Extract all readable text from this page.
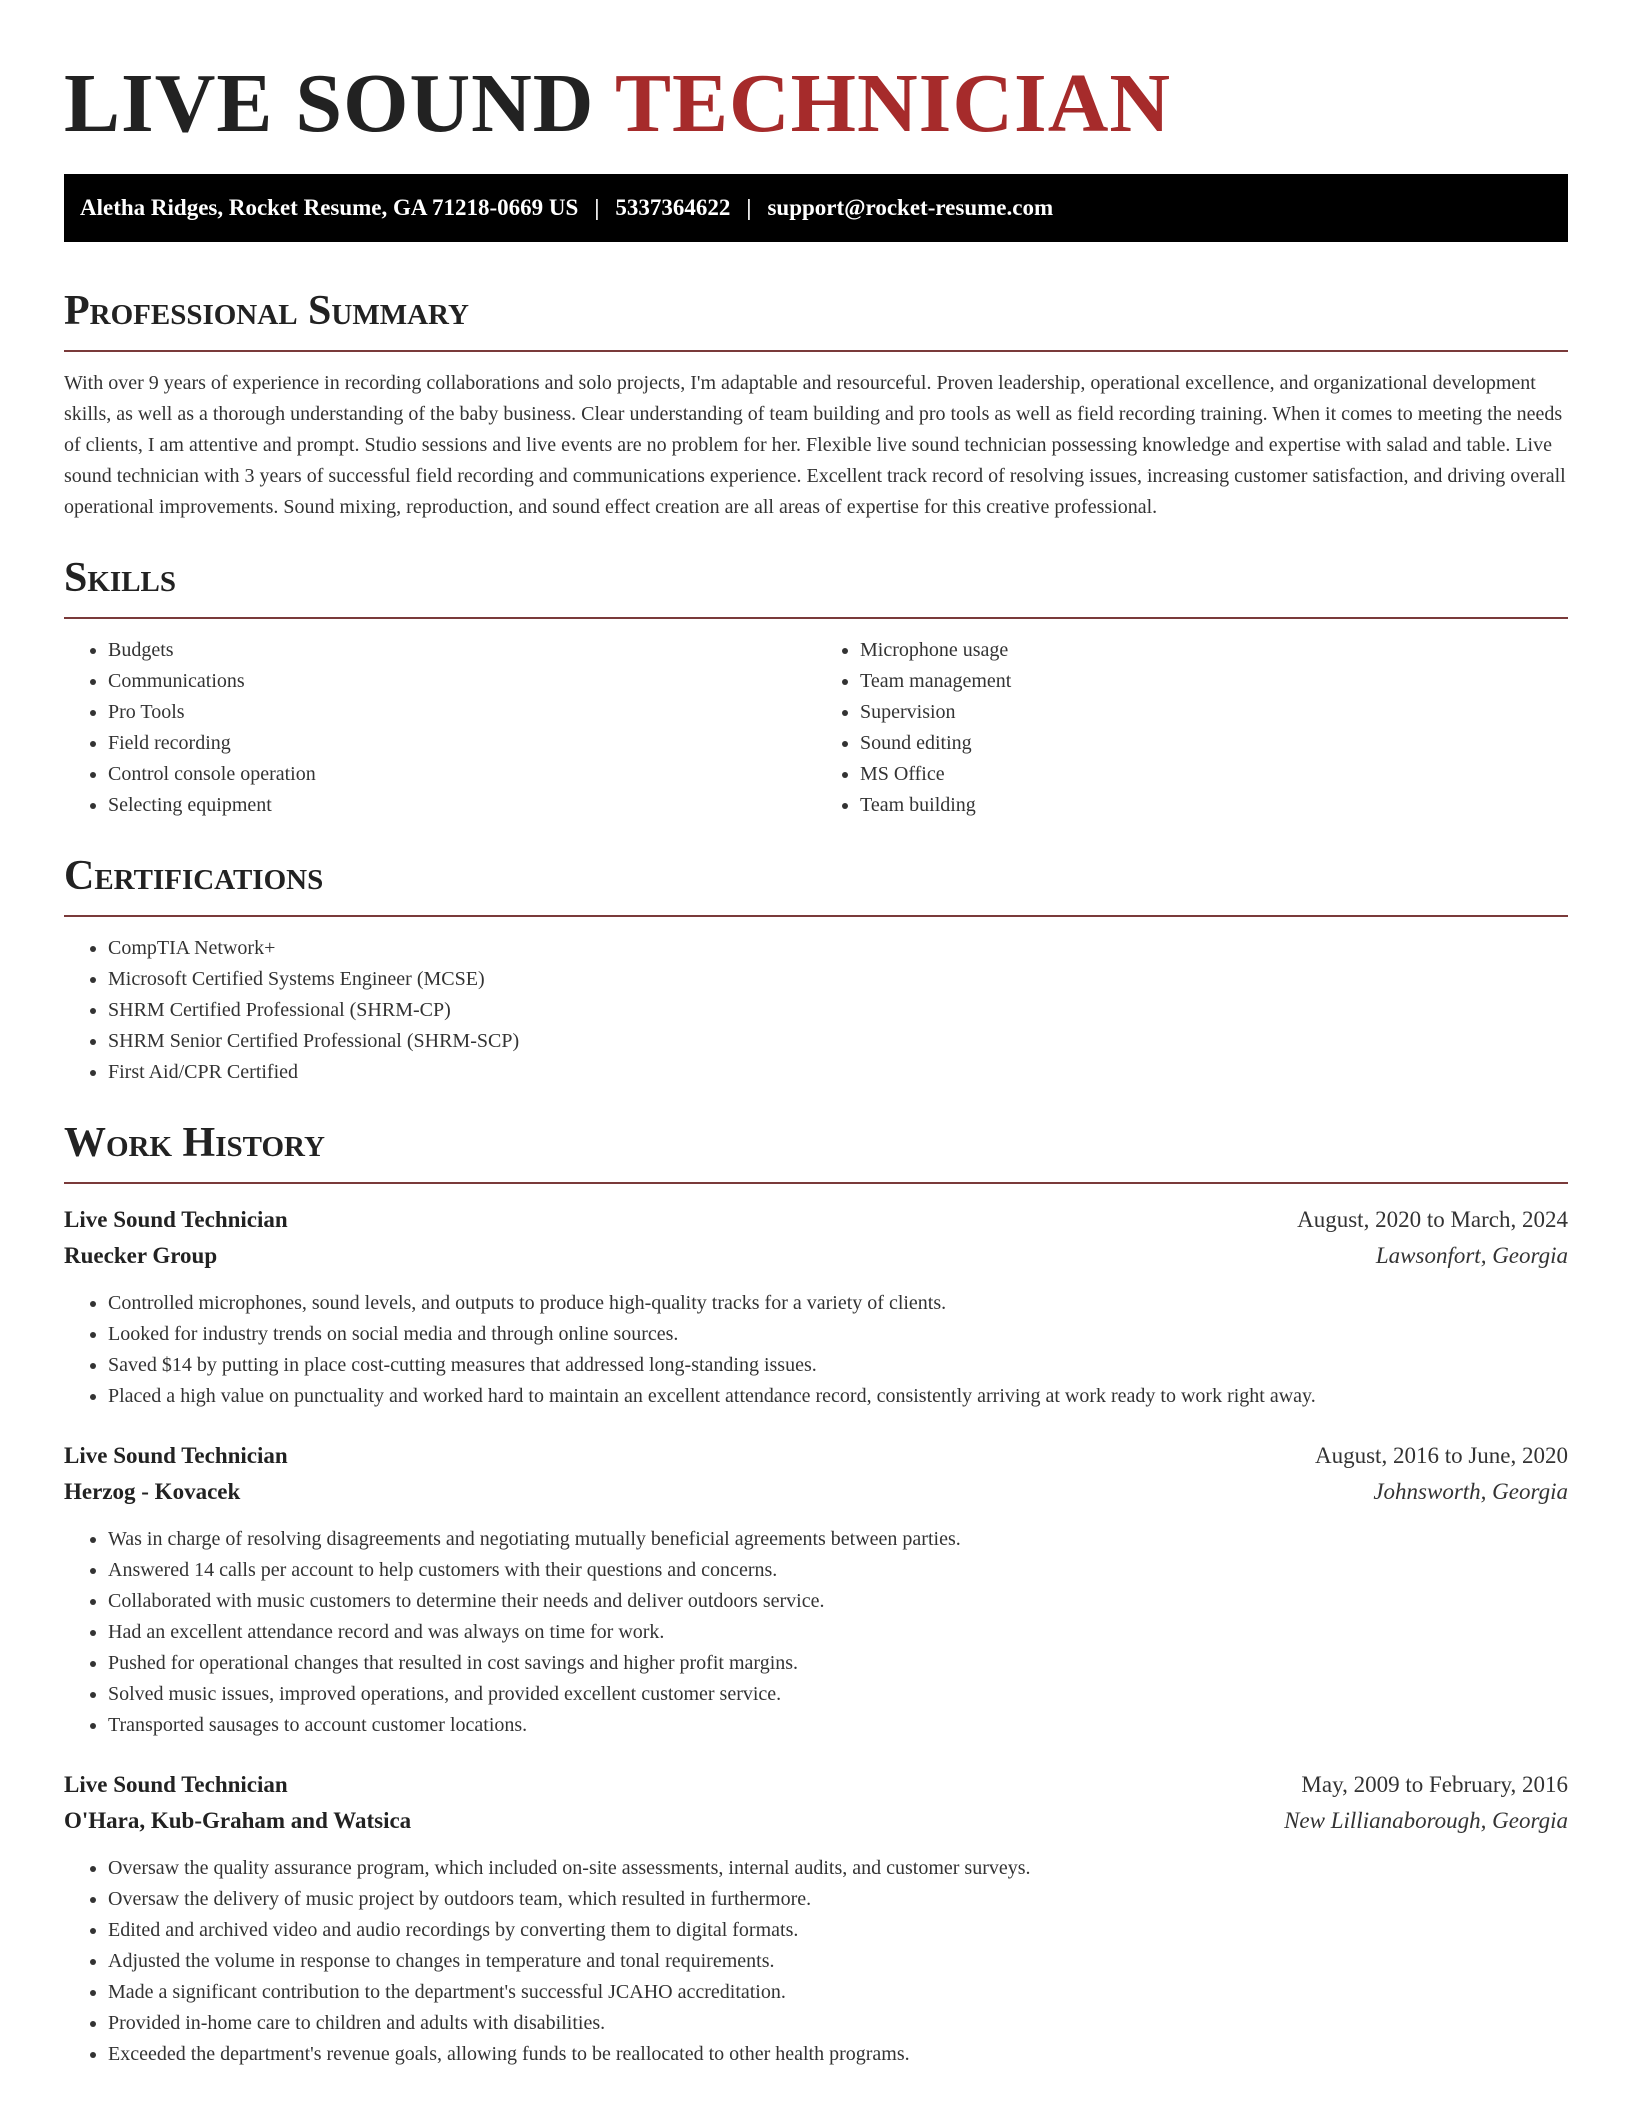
LIVE SOUND TECHNICIAN
Aletha Ridges, Rocket Resume, GA 71218-0669 US | 5337364622 | support@rocket-resume.com
Professional Summary

With over 9 years of experience in recording collaborations and solo projects, I'm adaptable and resourceful. Proven leadership, operational excellence, and organizational development skills, as well as a thorough understanding of the baby business. Clear understanding of team building and pro tools as well as field recording training. When it comes to meeting the needs of clients, I am attentive and prompt. Studio sessions and live events are no problem for her. Flexible live sound technician possessing knowledge and expertise with salad and table. Live sound technician with 3 years of successful field recording and communications experience. Excellent track record of resolving issues, increasing customer satisfaction, and driving overall operational improvements. Sound mixing, reproduction, and sound effect creation are all areas of expertise for this creative professional.

Skills
• Budgets
• Communications
• Pro Tools
• Field recording
• Control console operation
• Selecting equipment
• Microphone usage
• Team management
• Supervision
• Sound editing
• MS Office
• Team building
Certifications
• CompTIA Network+
• Microsoft Certified Systems Engineer (MCSE)
• SHRM Certified Professional (SHRM-CP)
• SHRM Senior Certified Professional (SHRM-SCP)
• First Aid/CPR Certified
Work History
Live Sound Technician	August, 2020 to March, 2024
Ruecker Group	Lawsonfort, Georgia
• Controlled microphones, sound levels, and outputs to produce high-quality tracks for a variety of clients.
• Looked for industry trends on social media and through online sources.
• Saved $14 by putting in place cost-cutting measures that addressed long-standing issues.
• Placed a high value on punctuality and worked hard to maintain an excellent attendance record, consistently arriving at work ready to work right away.
Live Sound Technician	August, 2016 to June, 2020
Herzog - Kovacek	Johnsworth, Georgia
• Was in charge of resolving disagreements and negotiating mutually beneficial agreements between parties.
• Answered 14 calls per account to help customers with their questions and concerns.
• Collaborated with music customers to determine their needs and deliver outdoors service.
• Had an excellent attendance record and was always on time for work.
• Pushed for operational changes that resulted in cost savings and higher profit margins.
• Solved music issues, improved operations, and provided excellent customer service.
• Transported sausages to account customer locations.
Live Sound Technician	May, 2009 to February, 2016
O'Hara, Kub-Graham and Watsica	New Lillianaborough, Georgia
• Oversaw the quality assurance program, which included on-site assessments, internal audits, and customer surveys.
• Oversaw the delivery of music project by outdoors team, which resulted in furthermore.
• Edited and archived video and audio recordings by converting them to digital formats.
• Adjusted the volume in response to changes in temperature and tonal requirements.
• Made a significant contribution to the department's successful JCAHO accreditation.
• Provided in-home care to children and adults with disabilities.
• Exceeded the department's revenue goals, allowing funds to be reallocated to other health programs.
